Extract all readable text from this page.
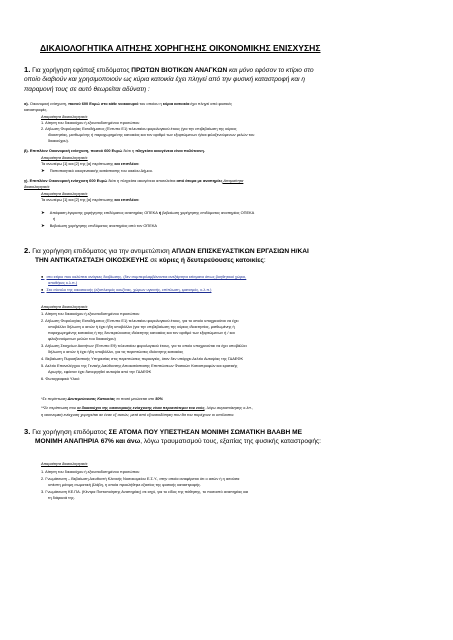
ΔΙΚΑΙΟΛΟΓΗΤΙΚΑ ΑΙΤΗΣΗΣ ΧΟΡΗΓΗΣΗΣ ΟΙΚΟΝΟΜΙΚΗΣ ΕΝΙΣΧΥΣΗΣ
1. Για χορήγηση εφάπαξ επιδόματος ΠΡΩΤΩΝ ΒΙΟΤΙΚΩΝ ΑΝΑΓΚΩΝ και μόνο εφόσον το κτίριο στο
οποίο διαβιούν και χρησιμοποιούν ως κύρια κατοικία έχει πληγεί από την φυσική καταστροφή και η
παραμονή τους σε αυτό θεωρείται αδύνατη :
α). Οικονομική ενίσχυση, ποσού 600 Ευρώ στο κάθε νοικοκυριό του οποίου η κύρια κατοικία έχει πληγεί από φυσικές
καταστροφές.
Απαραίτητα δικαιολογητικά:
1. Αίτηση του δικαιούχου ή εξουσιοδοτημένου προσώπου
2. Δήλωση Φορολογίας Εισοδήματος (Έντυπο Ε1) τελευταίου φορολογικού έτους (για την επιβεβαίωση της κύριας
ιδιοκτησίας, μισθωμένης ή παραχωρημένης κατοικίας και τον αριθμό των εξαρτώμενων ή/και φιλοξενούμενων μελών του
δικαιούχου).
β). Επιπλέον Οικονομική ενίσχυση, ποσού 600 Ευρώ διότι η πληγείσα οικογένεια είναι πολύτεκνη.
Απαραίτητα δικαιολογητικά:
Τα ανωτέρω [1] και [2] της [α] περίπτωσης και επιπλέον:
➤ Πιστοποιητικό οικογενειακής κατάστασης του οικείου Δήμου.
γ). Επιπλέον Οικονομική ενίσχυση 600 Ευρώ διότι η πληγείσα οικογένεια αποτελείται από άτομα με αναπηρίες Απαραίτητα
δικαιολογητικά:
Απαραίτητα δικαιολογητικά:
Τα ανωτέρω [1] και [2] της [α] περίπτωσης και επιπλέον:
➤ Απόφαση έγκρισης χορήγησης επιδόματος αναπηρίας ΟΠΕΚΑ ή βεβαίωση χορήγησης επιδόματος αναπηρίας ΟΠΕΚΑ
ή
➤ Βεβαίωση χορήγησης επιδόματος αναπηρίας από τον ΟΠΕΚΑ
2. Για χορήγηση επιδόματος για την αντιμετώπιση ΑΠΛΩΝ ΕΠΙΣΚΕΥΑΣΤΙΚΩΝ ΕΡΓΑΣΙΩΝ Η/ΚΑΙ
ΤΗΝ ΑΝΤΙΚΑΤΑΣΤΑΣΗ ΟΙΚΟΣΚΕΥΗΣ σε κύριες ή δευτερεύουσες κατοικίες:
● στο κτίριο που καλύπτει ανάγκες διαβίωσης, (δεν συμπεριλαμβάνονται ανεξάρτητα κτίσματα όπως βοηθητικοί χώροι,
αποθήκες κ.λ.π.)
● Στο σύνολο της οικοσκευής (εξοπλισμός κουζίνας, χώρων υγιεινής, επίπλωση, ιματισμός, κ.λ.π.)
Απαραίτητα δικαιολογητικά:
1. Αίτηση του δικαιούχου ή εξουσιοδοτημένου προσώπου
2. Δήλωση Φορολογίας Εισοδήματος (Έντυπο Ε1) τελευταίου φορολογικού έτους, για το οποίο υποχρεούται να έχει
υποβάλλει δήλωση ο αιτών ή έχει ήδη υποβάλλει (για την επιβεβαίωση της κύριας ιδιοκτησίας, μισθωμένης ή
παραχωρημένης κατοικίας ή της δευτερεύουσας ιδιόκτητης κατοικίας και τον αριθμό των εξαρτώμενων ή / και
φιλοξενούμενων μελών του δικαιούχου)
3. Δήλωση Στοιχείων Ακινήτων (Έντυπο Ε9) τελευταίου φορολογικού έτους, για το οποίο υποχρεούται να έχει υποβάλλει
δήλωση ο αιτών ή έχει ήδη υποβάλλει, για τις περιπτώσεις ιδιόκτητης κατοικίας
4. Βεβαίωση Πυροσβεστικής Υπηρεσίας στις περιπτώσεις πυρκαγιάς, όταν δεν υπάρχει Δελτίο Αυτοψίας της ΓΔΑΕΦΚ
5. Δελτίο Επανελέγχου της Γενικής Διεύθυνσης Αποκατάστασης Επιπτώσεων Φυσικών Καταστροφών και κρατικής
Αρωγής, εφόσον έχει διενεργηθεί αυτοψία από την ΓΔΑΕΦΚ
6. Φωτογραφικό Υλικό
*Σε περίπτωση Δευτερεύουσας Κατοικίας το ποσό μειώνεται στο 50%
**Σε περίπτωση που οι δικαιούχοι της οικονομικής ενίσχυσης είναι περισσότεροι του ενός, λόγω συγκατοίκησης κ.λπ.,
η οικονομική ενίσχυση χορηγείται σε έναν εξ αυτών, μετά από εξουσιοδότηση που θα του παρέχουν οι υπόλοιποι.
3. Για χορήγηση επιδόματος ΣΕ ΑΤΟΜΑ ΠΟΥ ΥΠΕΣΤΗΣΑΝ ΜΟΝΙΜΗ ΣΩΜΑΤΙΚΗ ΒΛΑΒΗ ΜΕ
ΜΟΝΙΜΗ ΑΝΑΠΗΡΙΑ 67% και άνω, λόγω τραυματισμού τους, εξαιτίας της φυσικής καταστροφής:
Απαραίτητα δικαιολογητικά:
1. Αίτηση του δικαιούχου ή εξουσιοδοτημένου προσώπου
2. Γνωμάτευση – Βεβαίωση Διευθυντή Κλινικής Νοσοκομείου Ε.Σ.Υ., στην οποία αναφέρεται ότι ο αιτών ή η αιτούσα
υπέστη μόνιμη σωματική βλάβη, η οποία προκλήθηκε εξαιτίας της φυσικής καταστροφής.
3. Γνωμάτευση ΚΕ.ΠΑ. (Κέντρα Πιστοποίησης Αναπηρίας) σε ισχύ, για το είδος της πάθησης, το ποσοστό αναπηρίας και
τη διάρκειά της.
